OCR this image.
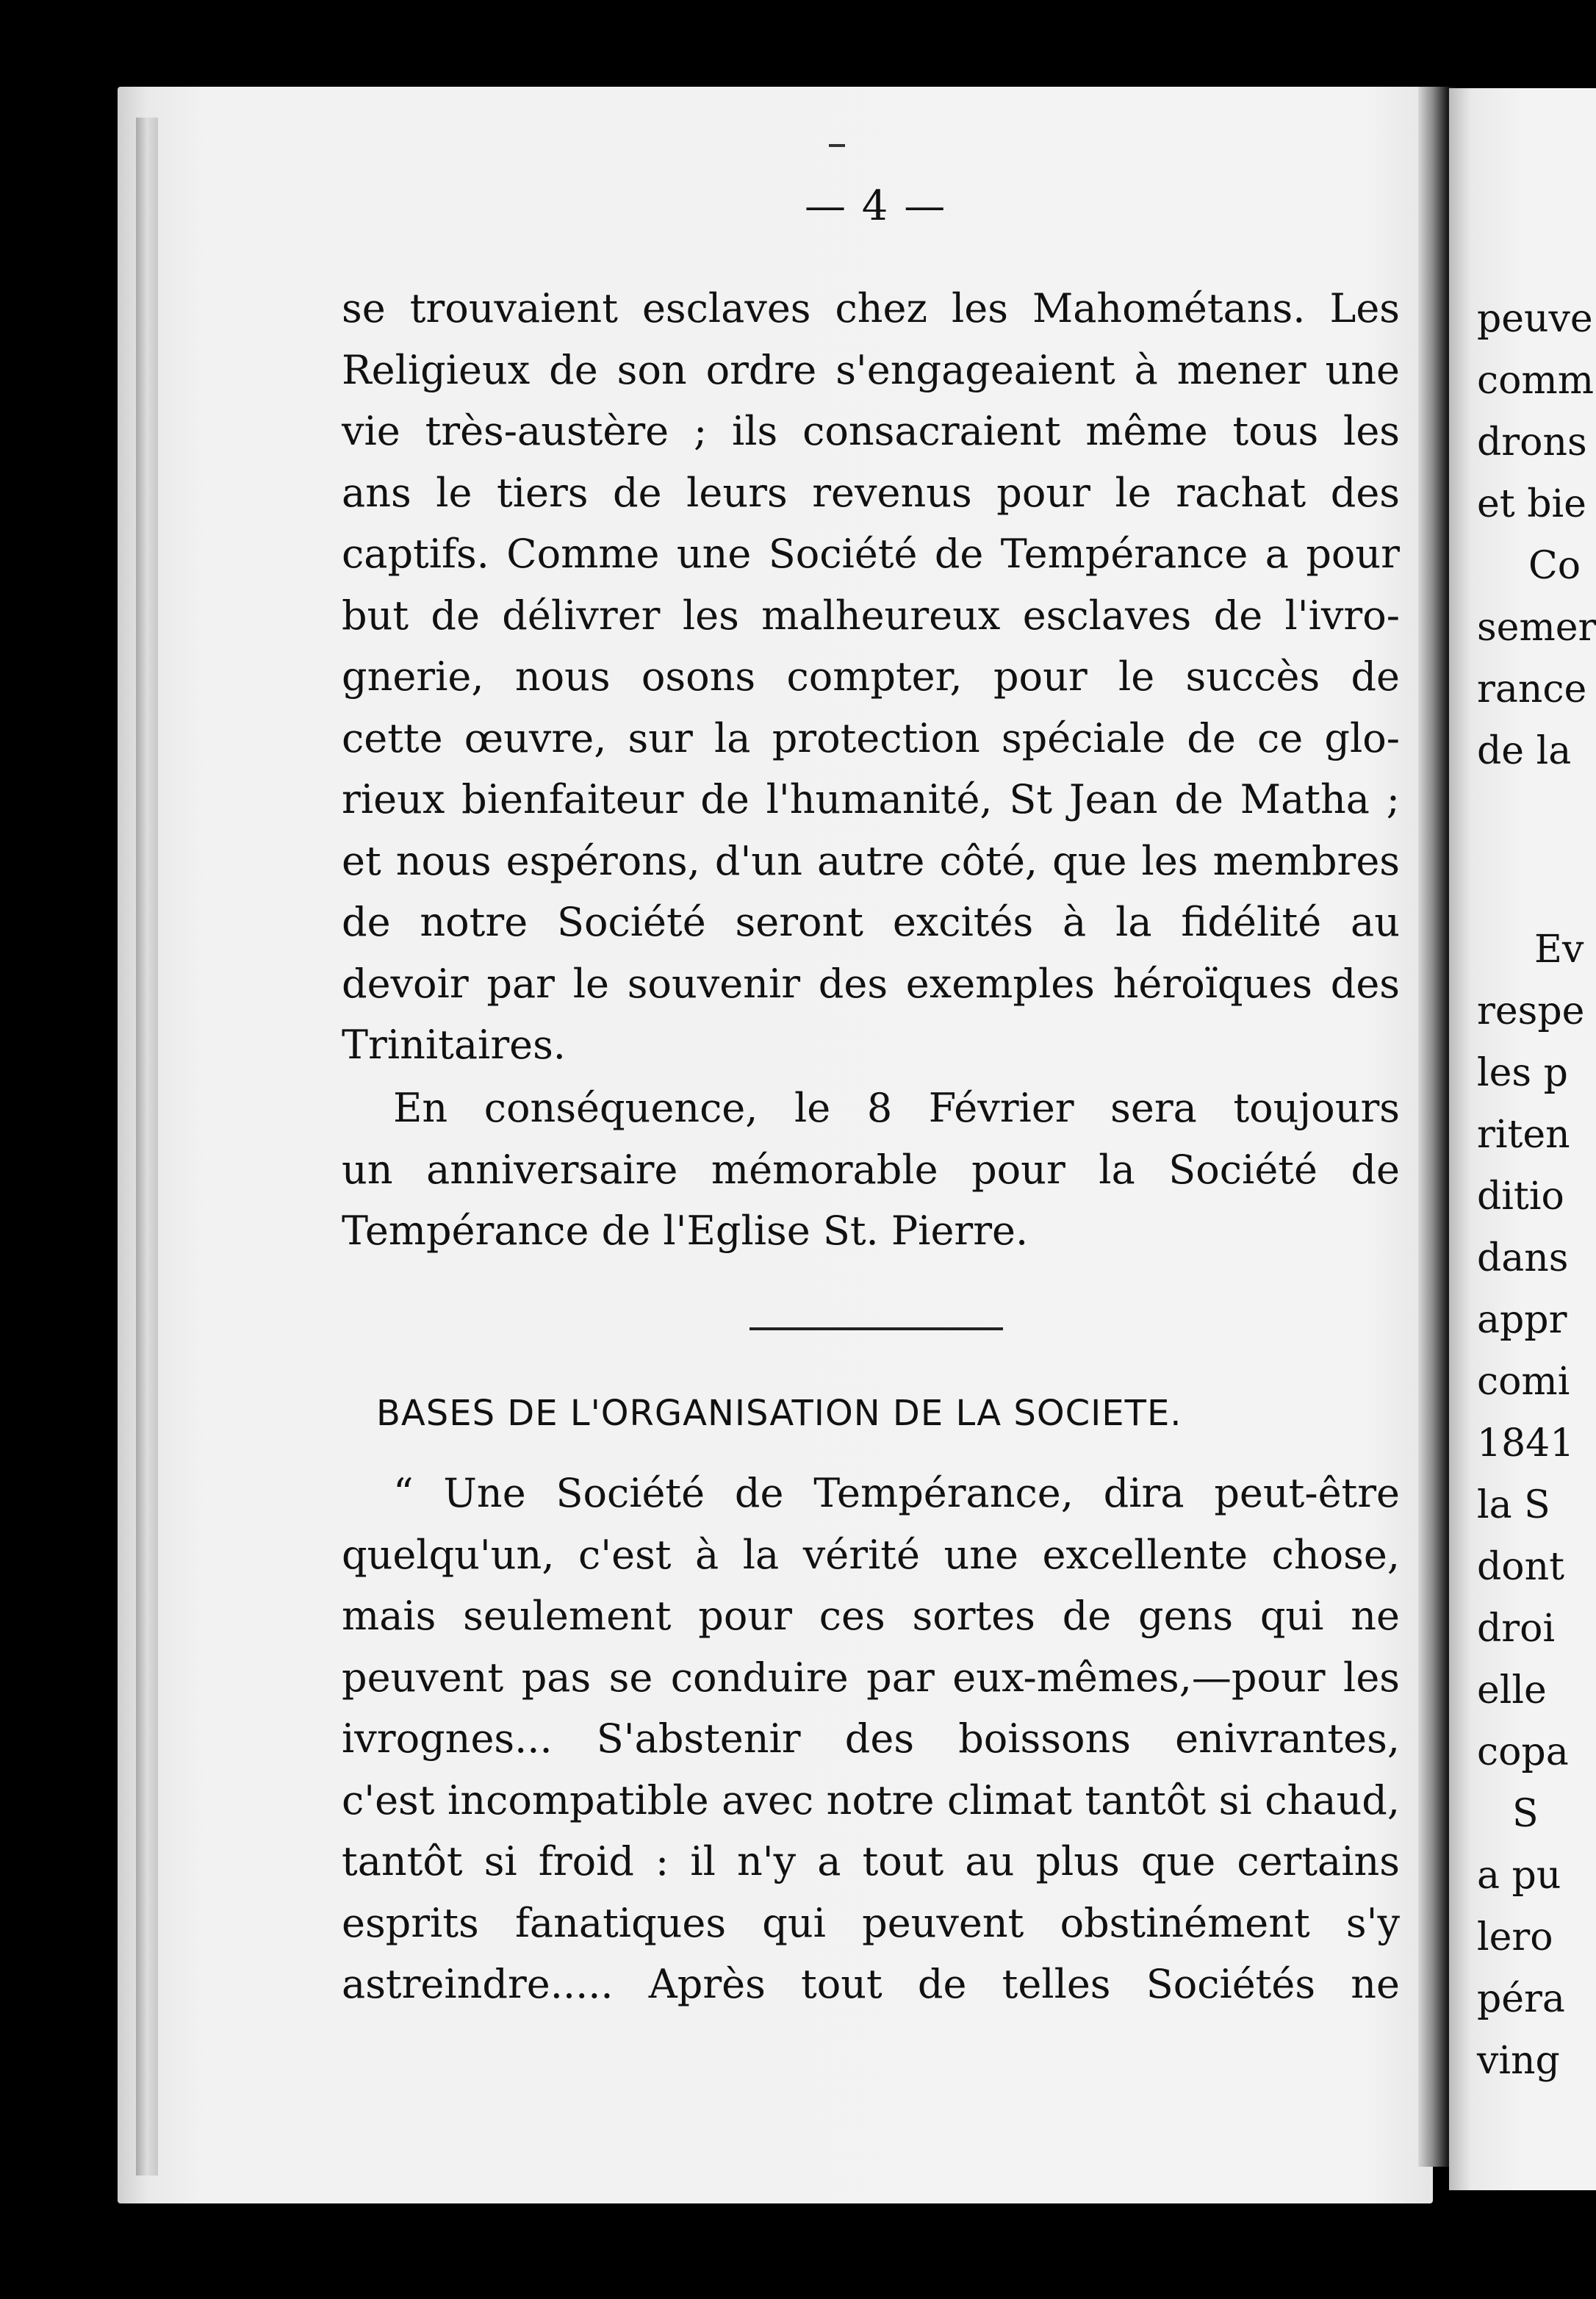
— 4 —
se trouvaient esclaves chez les Mahométans. Les
Religieux de son ordre s'engageaient à mener une
vie très-austère ; ils consacraient même tous les
ans le tiers de leurs revenus pour le rachat des
captifs. Comme une Société de Tempérance a pour
but de délivrer les malheureux esclaves de l'ivro-
gnerie, nous osons compter, pour le succès de
cette œuvre, sur la protection spéciale de ce glo-
rieux bienfaiteur de l'humanité, St Jean de Matha ;
et nous espérons, d'un autre côté, que les membres
de notre Société seront excités à la fidélité au
devoir par le souvenir des exemples héroïques des
Trinitaires.
En conséquence, le 8 Février sera toujours
un anniversaire mémorable pour la Société de
Tempérance de l'Eglise St. Pierre.
BASES DE L'ORGANISATION DE LA SOCIETE.
“ Une Société de Tempérance, dira peut-être
quelqu'un, c'est à la vérité une excellente chose,
mais seulement pour ces sortes de gens qui ne
peuvent pas se conduire par eux-mêmes,—pour les
ivrognes... S'abstenir des boissons enivrantes,
c'est incompatible avec notre climat tantôt si chaud,
tantôt si froid : il n'y a tout au plus que certains
esprits fanatiques qui peuvent obstinément s'y
astreindre..... Après tout de telles Sociétés ne
peuve
comm
drons
et bie
Co
semer
rance
de la
Ev
respe
les p
riten
ditio
dans
appr
comi
1841
la S
dont
droi
elle
copa
S
a pu
lero
péra
ving
